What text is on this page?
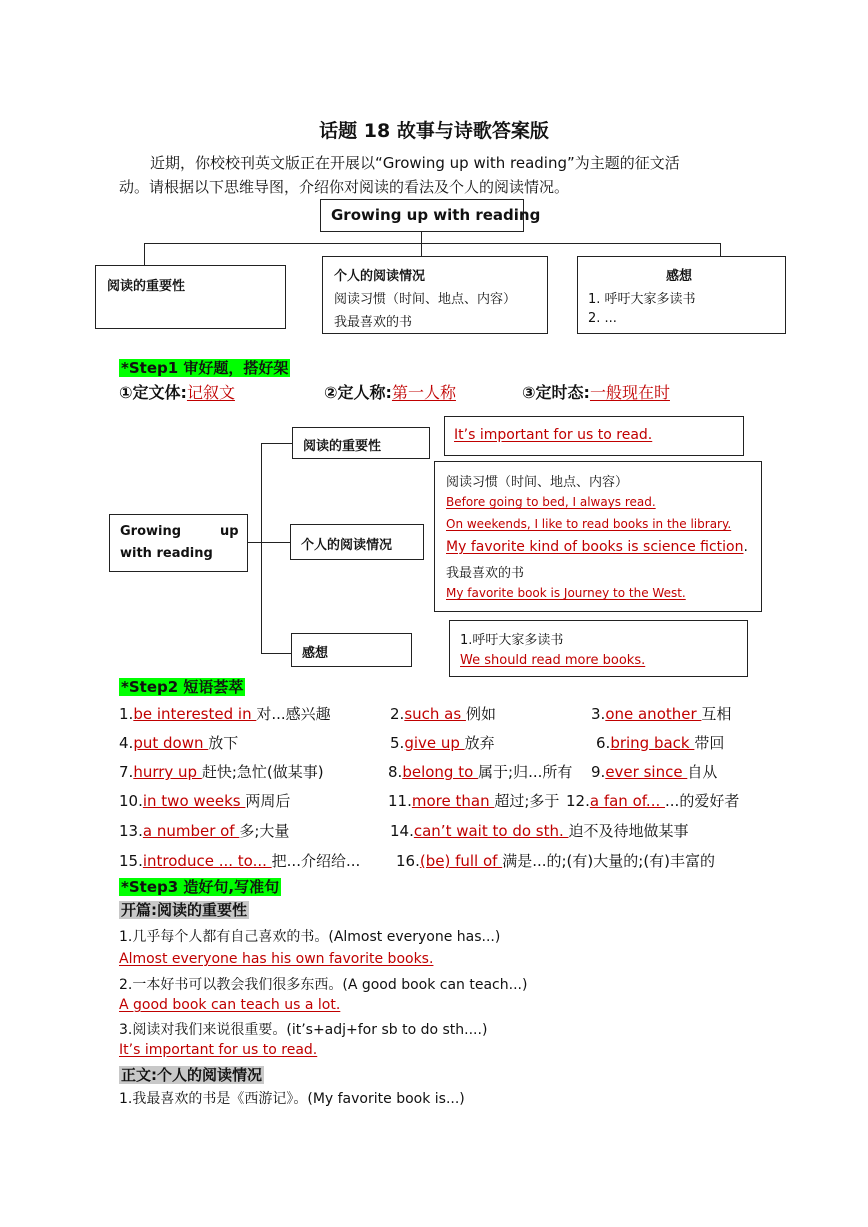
话题 18 故事与诗歌答案版
近期，你校校刊英文版正在开展以“Growing up with reading”为主题的征文活
动。请根据以下思维导图，介绍你对阅读的看法及个人的阅读情况。
Growing up with reading
阅读的重要性
个人的阅读情况
阅读习惯（时间、地点、内容）
我最喜欢的书
感想
1. 呼吁大家多读书
2. ...
*Step1 审好题，搭好架
①定文体:记叙文	②定人称:第一人称	③定时态:一般现在时
Growing	up
with reading
阅读的重要性
个人的阅读情况
感想
It’s important for us to read.
阅读习惯（时间、地点、内容）
Before going to bed, I always read.
On weekends, I like to read books in the library.
My favorite kind of books is science fiction.
我最喜欢的书
My favorite book is Journey to the West.
1.呼吁大家多读书
We should read more books.
*Step2 短语荟萃
1.be interested in 对...感兴趣	2.such as 例如	3.one another 互相
4.put down 放下	5.give up 放弃	6.bring back 带回
7.hurry up 赶快;急忙(做某事)	8.belong to 属于;归...所有 9.ever since 自从
10.in two weeks 两周后	11.more than 超过;多于 12.a fan of... ...的爱好者
13.a number of 多;大量	14.can’t wait to do sth. 迫不及待地做某事
15.introduce ... to... 把...介绍给... 16.(be) full of 满是...的;(有)大量的;(有)丰富的
*Step3 造好句,写准句
开篇:阅读的重要性
1.几乎每个人都有自己喜欢的书。(Almost everyone has...)
Almost everyone has his own favorite books.
2.一本好书可以教会我们很多东西。(A good book can teach...)
A good book can teach us a lot.
3.阅读对我们来说很重要。(it’s+adj+for sb to do sth....)
It’s important for us to read.
正文:个人的阅读情况
1.我最喜欢的书是《西游记》。(My favorite book is...)
